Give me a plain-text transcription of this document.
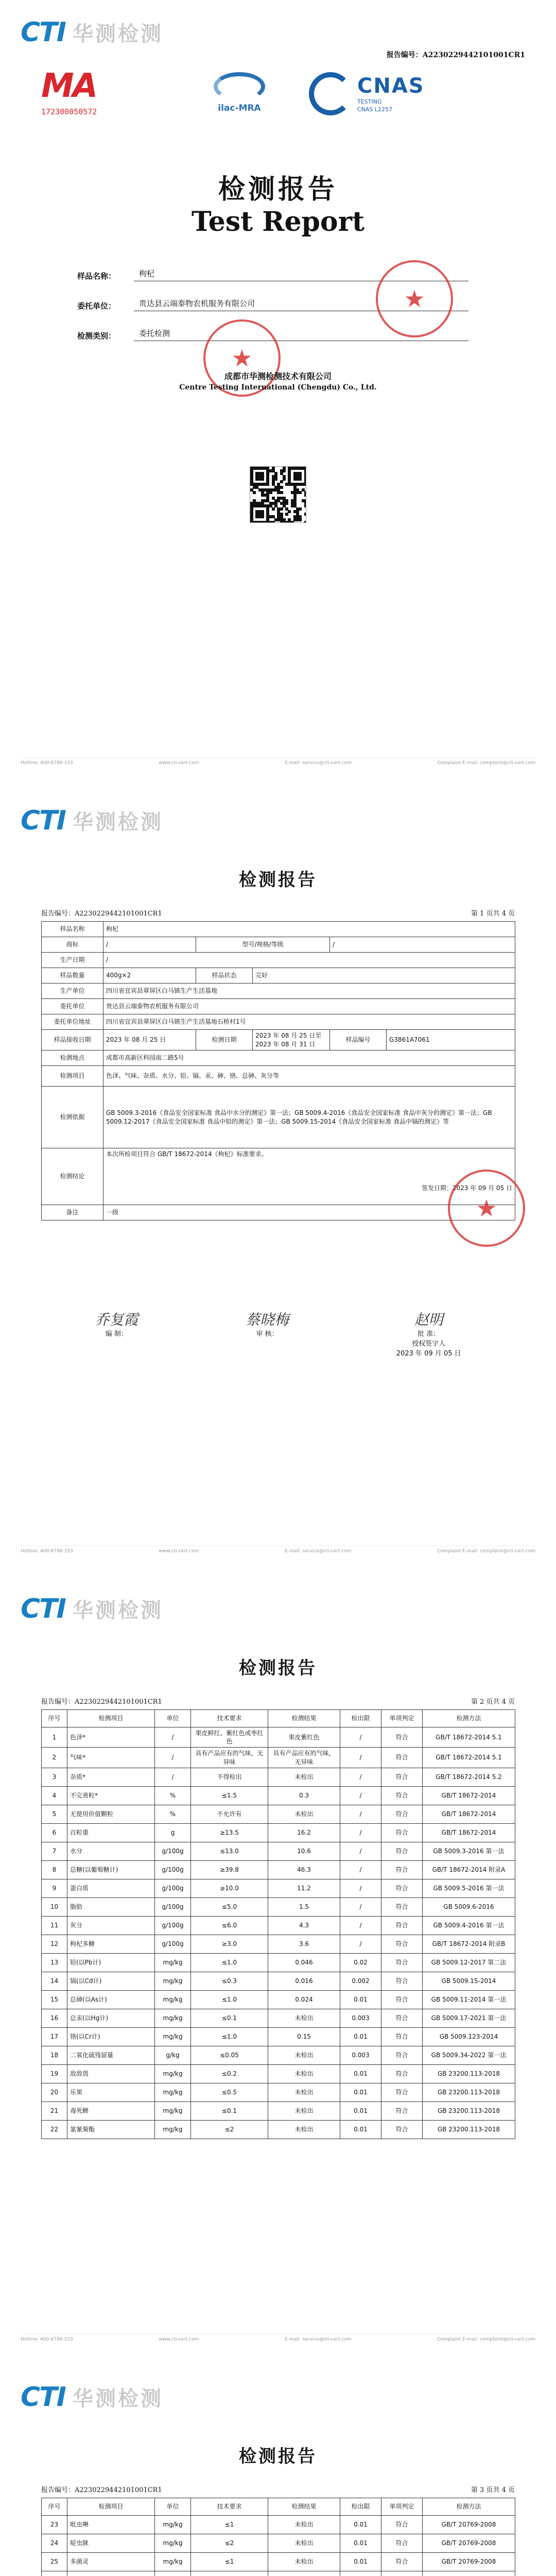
CTI 华测检测
报告编号：A2230229442101001CR1
MA
172300050572	ilac-MRA
CNAS
TESTING
CNAS L2257
检测报告
Test Report
样品名称：	枸杞
委托单位：	贵达县云端泰物农机服务有限公司
检测类别：	委托检测
★
★
成都市华测检测技术有限公司
Centre Testing International (Chengdu) Co., Ltd.
Hotline: 400-6788-333	www.cti-cert.com	E-mail: service@cti-cert.com	Complaint E-mail: complaint@cti-cert.com
CTI 华测检测
检测报告
报告编号：A2230229442101001CR1	第 1 页共 4 页
样品名称	枸杞				
商标	/	型号/规格/等级		/	
生产日期	/				
样品数量	400g×2	样品状态	完好		
生产单位	四川省宜宾县翠屏区白马镇生产生活基地				
委托单位	贵达县云端泰物农机服务有限公司				
委托单位地址	四川省宜宾县翠屏区白马镇生产生活基地石桥村1号				
样品接收日期	2023 年 08 月 25 日	检测日期	2023 年 08 月 25 日至 2023 年 08 月 31 日	样品编号	G3861A7061
检测地点	成都市高新区科园南二路5号				
检测项目	色泽、气味、杂质、水分、铅、镉、汞、砷、铬、总砷、灰分等				
检测依据	GB 5009.3-2016《食品安全国家标准 食品中水分的测定》第一法；GB 5009.4-2016《食品安全国家标准 食品中灰分的测定》第一法；GB 5009.12-2017《食品安全国家标准 食品中铅的测定》第一法；GB 5009.15-2014《食品安全国家标准 食品中镉的测定》等				
检测结论	本次所检项目符合 GB/T 18672-2014《枸杞》标准要求。
签发日期：2023 年 09 月 05 日				

备注	一级					★
乔复霞
编 制：
蔡晓梅
审 核：
赵明
批 准：
授权签字人
2023 年 09 月 05 日
Hotline: 400-6788-333	www.cti-cert.com	E-mail: service@cti-cert.com	Complaint E-mail: complaint@cti-cert.com
CTI 华测检测
检测报告
报告编号：A2230229442101001CR1	第 2 页共 4 页
序号	检测项目	单位	技术要求	检测结果	检出限	单项判定	检测方法
1	色泽*	/	果皮鲜红、紫红色或枣红色	果皮紫红色	/	符合	GB/T 18672-2014 5.1
2	气味*	/	具有产品应有的气味，无异味	具有产品应有的气味，无异味	/	符合	GB/T 18672-2014 5.1
3	杂质*	/	不得检出	未检出	/	符合	GB/T 18672-2014 5.2
4	不完善粒*	%	≤1.5	0.3	/	符合	GB/T 18672-2014
5	无使用价值颗粒	%	不允许有	未检出	/	符合	GB/T 18672-2014
6	百粒重	g	≥13.5	16.2	/	符合	GB/T 18672-2014
7	水分	g/100g	≤13.0	10.6	/	符合	GB 5009.3-2016 第一法
8	总糖(以葡萄糖计)	g/100g	≥39.8	46.3	/	符合	GB/T 18672-2014 附录A
9	蛋白质	g/100g	≥10.0	11.2	/	符合	GB 5009.5-2016 第一法
10	脂肪	g/100g	≤5.0	1.5	/	符合	GB 5009.6-2016
11	灰分	g/100g	≤6.0	4.3	/	符合	GB 5009.4-2016 第一法
12	枸杞多糖	g/100g	≥3.0	3.6	/	符合	GB/T 18672-2014 附录B
13	铅(以Pb计)	mg/kg	≤1.0	0.046	0.02	符合	GB 5009.12-2017 第二法
14	镉(以Cd计)	mg/kg	≤0.3	0.016	0.002	符合	GB 5009.15-2014
15	总砷(以As计)	mg/kg	≤1.0	0.024	0.01	符合	GB 5009.11-2014 第一法
16	总汞(以Hg计)	mg/kg	≤0.1	未检出	0.003	符合	GB 5009.17-2021 第一法
17	铬(以Cr计)	mg/kg	≤1.0	0.15	0.01	符合	GB 5009.123-2014
18	二氧化硫残留量	g/kg	≤0.05	未检出	0.003	符合	GB 5009.34-2022 第一法
19	敌敌畏	mg/kg	≤0.2	未检出	0.01	符合	GB 23200.113-2018
20	乐果	mg/kg	≤0.5	未检出	0.01	符合	GB 23200.113-2018
21	毒死蜱	mg/kg	≤0.1	未检出	0.01	符合	GB 23200.113-2018
22	氯氰菊酯	mg/kg	≤2	未检出	0.01	符合	GB 23200.113-2018
Hotline: 400-6788-333	www.cti-cert.com	E-mail: service@cti-cert.com	Complaint E-mail: complaint@cti-cert.com
CTI 华测检测
检测报告
报告编号：A2230229442101001CR1	第 3 页共 4 页
序号	检测项目	单位	技术要求	检测结果	检出限	单项判定	检测方法
23	吡虫啉	mg/kg	≤1	未检出	0.01	符合	GB/T 20769-2008
24	啶虫脒	mg/kg	≤2	未检出	0.01	符合	GB/T 20769-2008
25	多菌灵	mg/kg	≤1	未检出	0.01	符合	GB/T 20769-2008
